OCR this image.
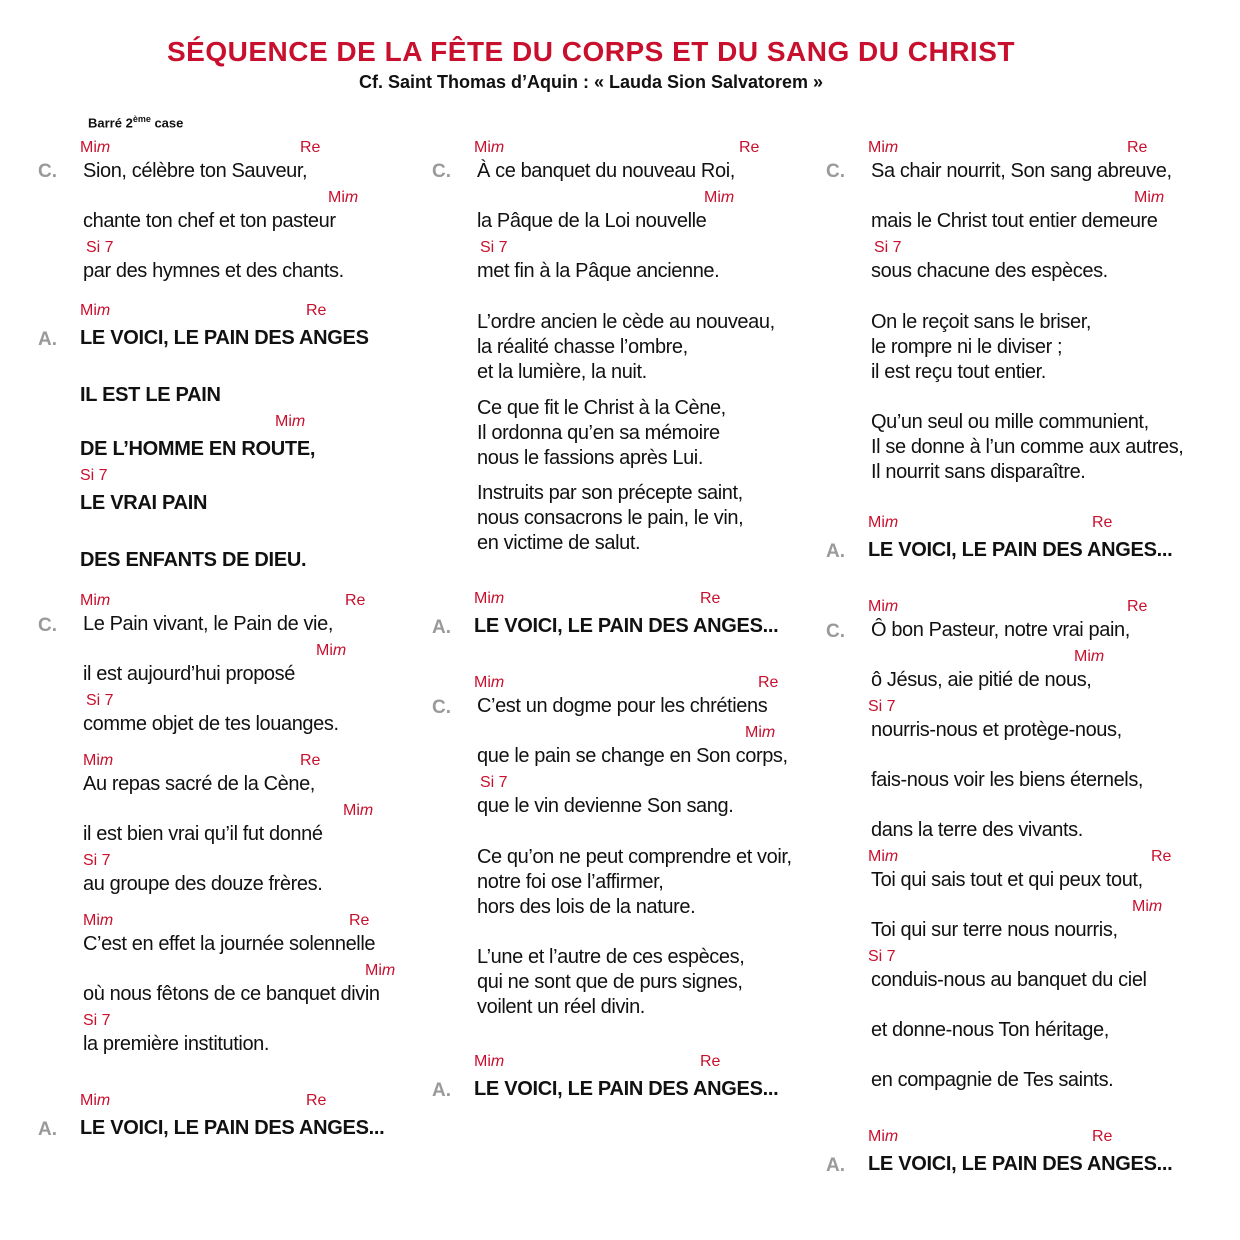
SÉQUENCE DE LA FÊTE DU CORPS ET DU SANG DU CHRIST
Cf. Saint Thomas d’Aquin : « Lauda Sion Salvatorem »
Barré 2ème case
Mim	Re
C. Sion, célèbre ton Sauveur,
Mim
chante ton chef et ton pasteur
Si 7
par des hymnes et des chants.
Mim	Re
A. LE VOICI, LE PAIN DES ANGES
IL EST LE PAIN
Mim
DE L’HOMME EN ROUTE,
Si 7
LE VRAI PAIN
DES ENFANTS DE DIEU.
Mim	Re
C. Le Pain vivant, le Pain de vie,
Mim
il est aujourd’hui proposé
Si 7
comme objet de tes louanges.
Mim	Re
Au repas sacré de la Cène,
Mim
il est bien vrai qu’il fut donné
Si 7
au groupe des douze frères.
Mim	Re
C’est en effet la journée solennelle
Mim
où nous fêtons de ce banquet divin
Si 7
la première institution.
Mim	Re
A. LE VOICI, LE PAIN DES ANGES...
Mim	Re
C. À ce banquet du nouveau Roi,
Mim
la Pâque de la Loi nouvelle
Si 7
met fin à la Pâque ancienne.
L’ordre ancien le cède au nouveau,
la réalité chasse l’ombre,
et la lumière, la nuit.
Ce que fit le Christ à la Cène,
Il ordonna qu’en sa mémoire
nous le fassions après Lui.
Instruits par son précepte saint,
nous consacrons le pain, le vin,
en victime de salut.
Mim	Re
A. LE VOICI, LE PAIN DES ANGES...
Mim	Re
C. C’est un dogme pour les chrétiens
Mim
que le pain se change en Son corps,
Si 7
que le vin devienne Son sang.
Ce qu’on ne peut comprendre et voir,
notre foi ose l’affirmer,
hors des lois de la nature.
L’une et l’autre de ces espèces,
qui ne sont que de purs signes,
voilent un réel divin.
Mim	Re
A. LE VOICI, LE PAIN DES ANGES...
Mim	Re
C. Sa chair nourrit, Son sang abreuve,
Mim
mais le Christ tout entier demeure
Si 7
sous chacune des espèces.
On le reçoit sans le briser,
le rompre ni le diviser ;
il est reçu tout entier.
Qu’un seul ou mille communient,
Il se donne à l’un comme aux autres,
Il nourrit sans disparaître.
Mim	Re
A. LE VOICI, LE PAIN DES ANGES...
Mim	Re
C. Ô bon Pasteur, notre vrai pain,
Mim
ô Jésus, aie pitié de nous,
Si 7
nourris-nous et protège-nous,
fais-nous voir les biens éternels,
dans la terre des vivants.
Mim	Re
Toi qui sais tout et qui peux tout,
Mim
Toi qui sur terre nous nourris,
Si 7
conduis-nous au banquet du ciel
et donne-nous Ton héritage,
en compagnie de Tes saints.
Mim	Re
A. LE VOICI, LE PAIN DES ANGES...
